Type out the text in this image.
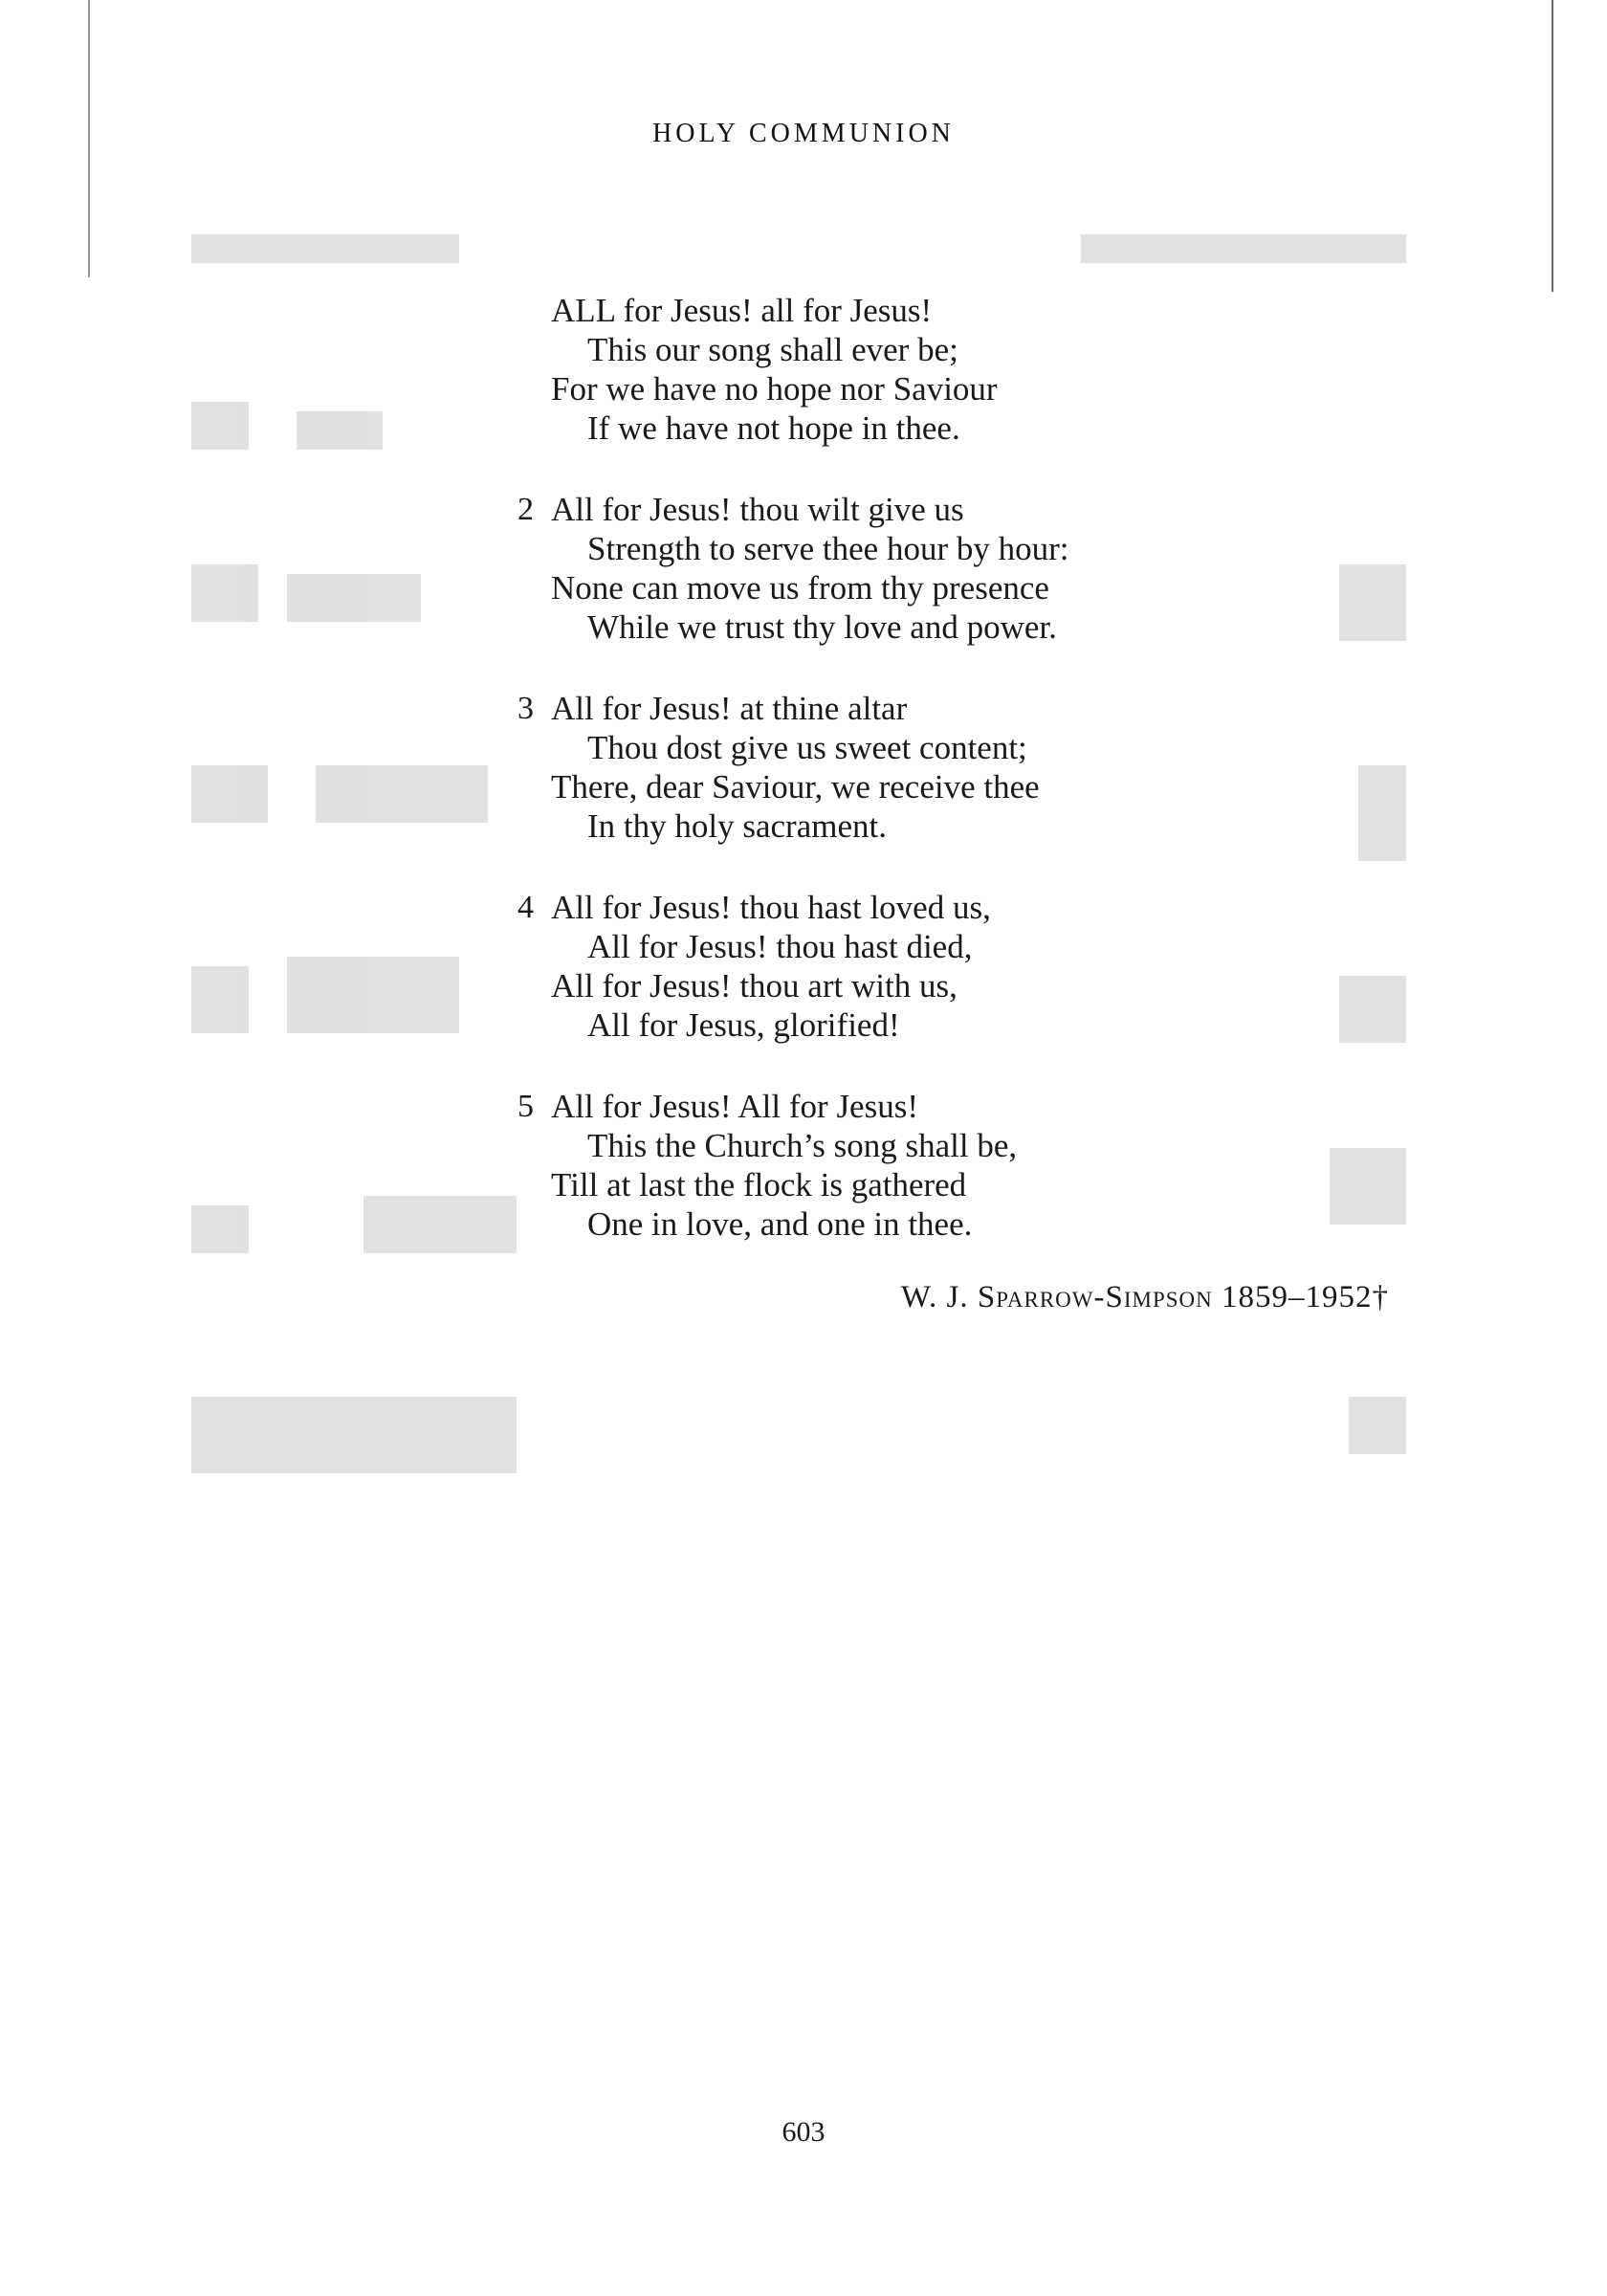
HOLY COMMUNION
ALL for Jesus! all for Jesus!
This our song shall ever be;
For we have no hope nor Saviour
If we have not hope in thee.
2 All for Jesus! thou wilt give us
Strength to serve thee hour by hour:
None can move us from thy presence
While we trust thy love and power.
3 All for Jesus! at thine altar
Thou dost give us sweet content;
There, dear Saviour, we receive thee
In thy holy sacrament.
4 All for Jesus! thou hast loved us,
All for Jesus! thou hast died,
All for Jesus! thou art with us,
All for Jesus, glorified!
5 All for Jesus! All for Jesus!
This the Church’s song shall be,
Till at last the flock is gathered
One in love, and one in thee.
W. J. Sparrow-Simpson 1859–1952†
603
